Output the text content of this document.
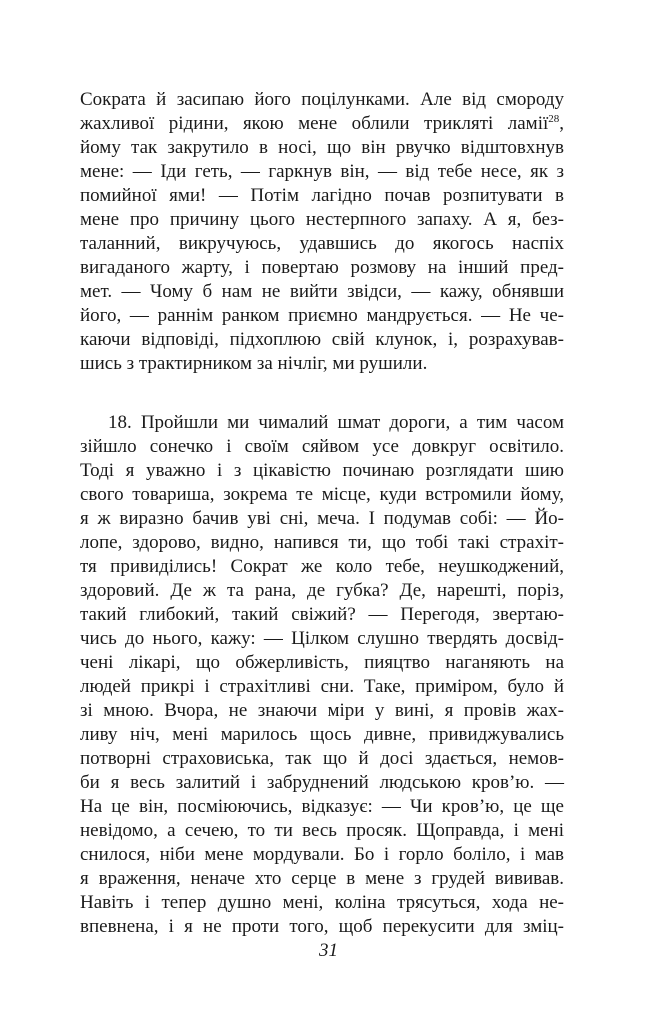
Сократа й засипаю його поцілунками. Але від смороду
жахливої рідини, якою мене облили трикляті ламії$^{28}$,
йому так закрутило в носі, що він рвучко відштовхнув
мене: — Іди геть, — гаркнув він, — від тебе несе, як з
помийної ями! — Потім лагідно почав розпитувати в
мене про причину цього нестерпного запаху. А я, без-
таланний, викручуюсь, удавшись до якогось наспіх
вигаданого жарту, і повертаю розмову на інший пред-
мет. — Чому б нам не вийти звідси, — кажу, обнявши
його, — раннім ранком приємно мандрується. — Не че-
каючи відповіді, підхоплюю свій клунок, і, розрахував-
шись з трактирником за нічліг, ми рушили.
18. Пройшли ми чималий шмат дороги, а тим часом
зійшло сонечко і своїм сяйвом усе довкруг освітило.
Тоді я уважно і з цікавістю починаю розглядати шию
свого товариша, зокрема те місце, куди встромили йому,
я ж виразно бачив уві сні, меча. І подумав собі: — Йо-
лопе, здорово, видно, напився ти, що тобі такі страхіт-
тя привиділись! Сократ же коло тебе, неушкоджений,
здоровий. Де ж та рана, де губка? Де, нарешті, поріз,
такий глибокий, такий свіжий? — Перегодя, звертаю-
чись до нього, кажу: — Цілком слушно твердять досвід-
чені лікарі, що обжерливість, пияцтво наганяють на
людей прикрі і страхітливі сни. Таке, приміром, було й
зі мною. Вчора, не знаючи міри у вині, я провів жах-
ливу ніч, мені марилось щось дивне, привиджувались
потворні страховиська, так що й досі здається, немов-
би я весь залитий і забруднений людською кров’ю. —
На це він, посміюючись, відказує: — Чи кров’ю, це ще
невідомо, а сечею, то ти весь просяк. Щоправда, і мені
снилося, ніби мене мордували. Бо і горло боліло, і мав
я враження, неначе хто серце в мене з грудей вививав.
Навіть і тепер душно мені, коліна трясуться, хода не-
впевнена, і я не проти того, щоб перекусити для зміц-
31
